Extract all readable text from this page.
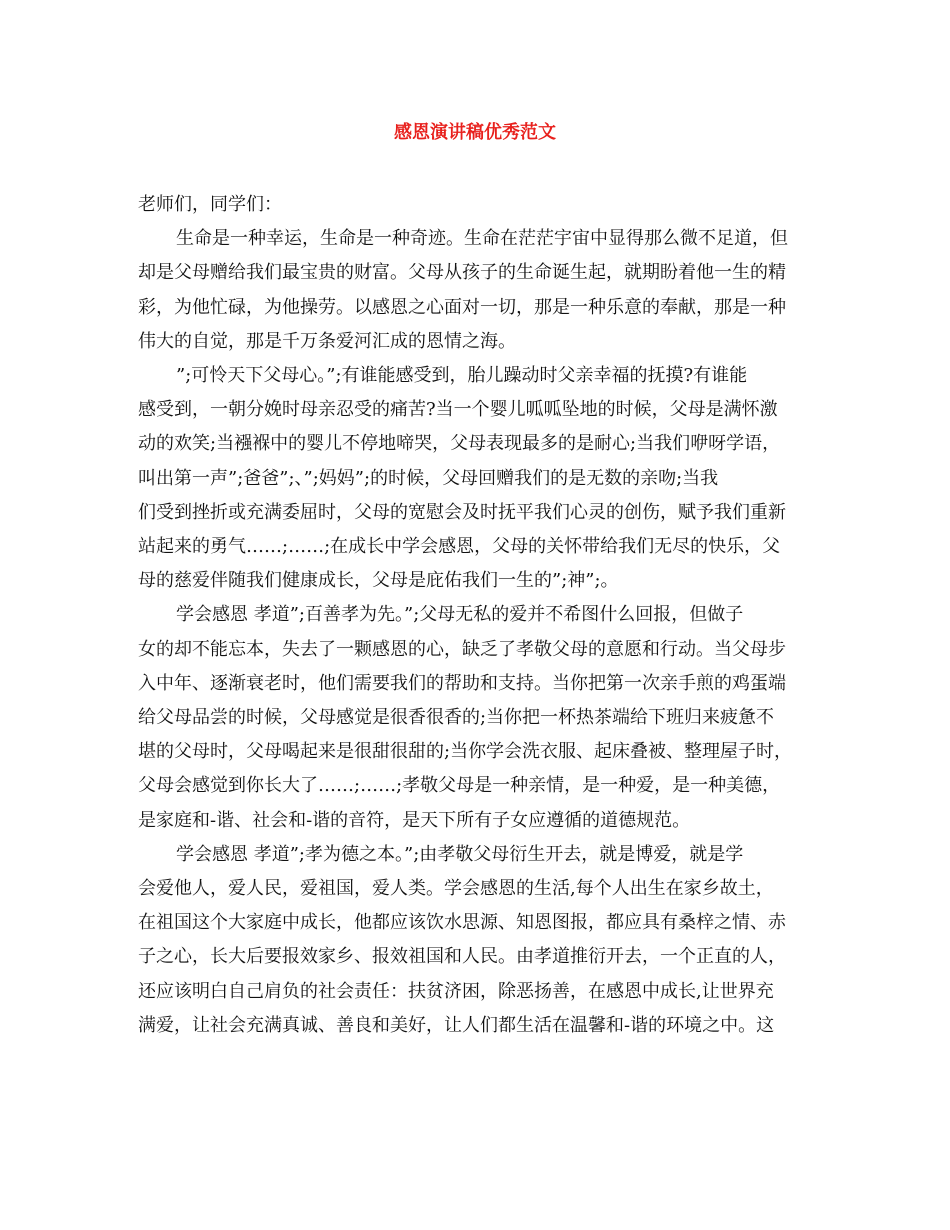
感恩演讲稿优秀范文

老师们，同学们：

生命是一种幸运，生命是一种奇迹。生命在茫茫宇宙中显得那么微不足道，但
却是父母赠给我们最宝贵的财富。父母从孩子的生命诞生起，就期盼着他一生的精
彩，为他忙碌，为他操劳。以感恩之心面对一切，那是一种乐意的奉献，那是一种
伟大的自觉，那是千万条爱河汇成的恩情之海。
”;可怜天下父母心。”;有谁能感受到，胎儿躁动时父亲幸福的抚摸?有谁能
感受到，一朝分娩时母亲忍受的痛苦?当一个婴儿呱呱坠地的时候，父母是满怀激
动的欢笑;当襁褓中的婴儿不停地啼哭，父母表现最多的是耐心;当我们咿呀学语，
叫出第一声”;爸爸”;、”;妈妈”;的时候，父母回赠我们的是无数的亲吻;当我
们受到挫折或充满委屈时，父母的宽慰会及时抚平我们心灵的创伤，赋予我们重新
站起来的勇气……;……;在成长中学会感恩，父母的关怀带给我们无尽的快乐，父
母的慈爱伴随我们健康成长，父母是庇佑我们一生的”;神”;。
学会感恩 孝道”;百善孝为先。”;父母无私的爱并不希图什么回报，但做子
女的却不能忘本，失去了一颗感恩的心，缺乏了孝敬父母的意愿和行动。当父母步
入中年、逐渐衰老时，他们需要我们的帮助和支持。当你把第一次亲手煎的鸡蛋端
给父母品尝的时候，父母感觉是很香很香的;当你把一杯热茶端给下班归来疲惫不
堪的父母时，父母喝起来是很甜很甜的;当你学会洗衣服、起床叠被、整理屋子时，
父母会感觉到你长大了……;……;孝敬父母是一种亲情，是一种爱，是一种美德，
是家庭和-谐、社会和-谐的音符，是天下所有子女应遵循的道德规范。
学会感恩 孝道”;孝为德之本。”;由孝敬父母衍生开去，就是博爱，就是学
会爱他人，爱人民，爱祖国，爱人类。学会感恩的生活,每个人出生在家乡故土，
在祖国这个大家庭中成长，他都应该饮水思源、知恩图报，都应具有桑梓之情、赤
子之心，长大后要报效家乡、报效祖国和人民。由孝道推衍开去，一个正直的人，
还应该明白自己肩负的社会责任：扶贫济困，除恶扬善，在感恩中成长,让世界充
满爱，让社会充满真诚、善良和美好，让人们都生活在温馨和-谐的环境之中。这
